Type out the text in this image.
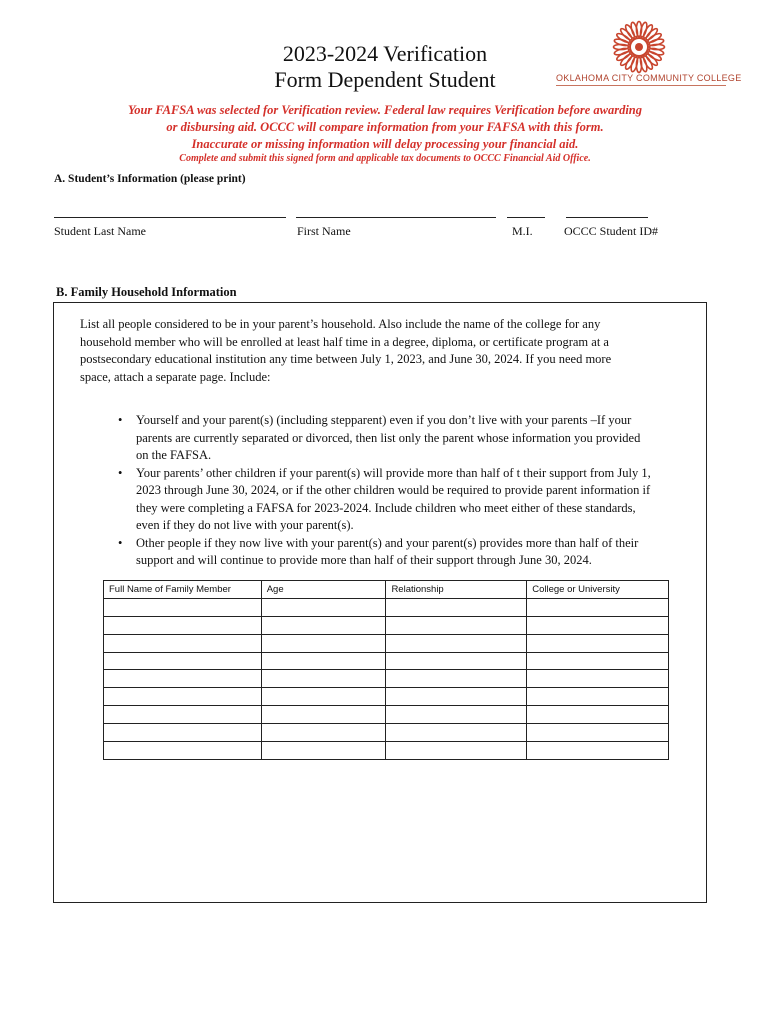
2023-2024 Verification
Form Dependent Student	OKLAHOMA CITY COMMUNITY COLLEGE
Your FAFSA was selected for Verification review. Federal law requires Verification before awarding
or disbursing aid. OCCC will compare information from your FAFSA with this form.
Inaccurate or missing information will delay processing your financial aid.
Complete and submit this signed form and applicable tax documents to OCCC Financial Aid Office.
A. Student’s Information (please print)
Student Last Name	First Name	M.I.	OCCC Student ID#
B. Family Household Information
List all people considered to be in your parent’s household. Also include the name of the college for any
household member who will be enrolled at least half time in a degree, diploma, or certificate program at a
postsecondary educational institution any time between July 1, 2023, and June 30, 2024. If you need more
space, attach a separate page. Include:
• Yourself and your parent(s) (including stepparent) even if you don’t live with your parents –If your
parents are currently separated or divorced, then list only the parent whose information you provided
on the FAFSA.
• Your parents’ other children if your parent(s) will provide more than half of t their support from July 1,
2023 through June 30, 2024, or if the other children would be required to provide parent information if
they were completing a FAFSA for 2023-2024. Include children who meet either of these standards,
even if they do not live with your parent(s).
• Other people if they now live with your parent(s) and your parent(s) provides more than half of their
support and will continue to provide more than half of their support through June 30, 2024.
Full Name of Family Member	Age	Relationship	College or University
